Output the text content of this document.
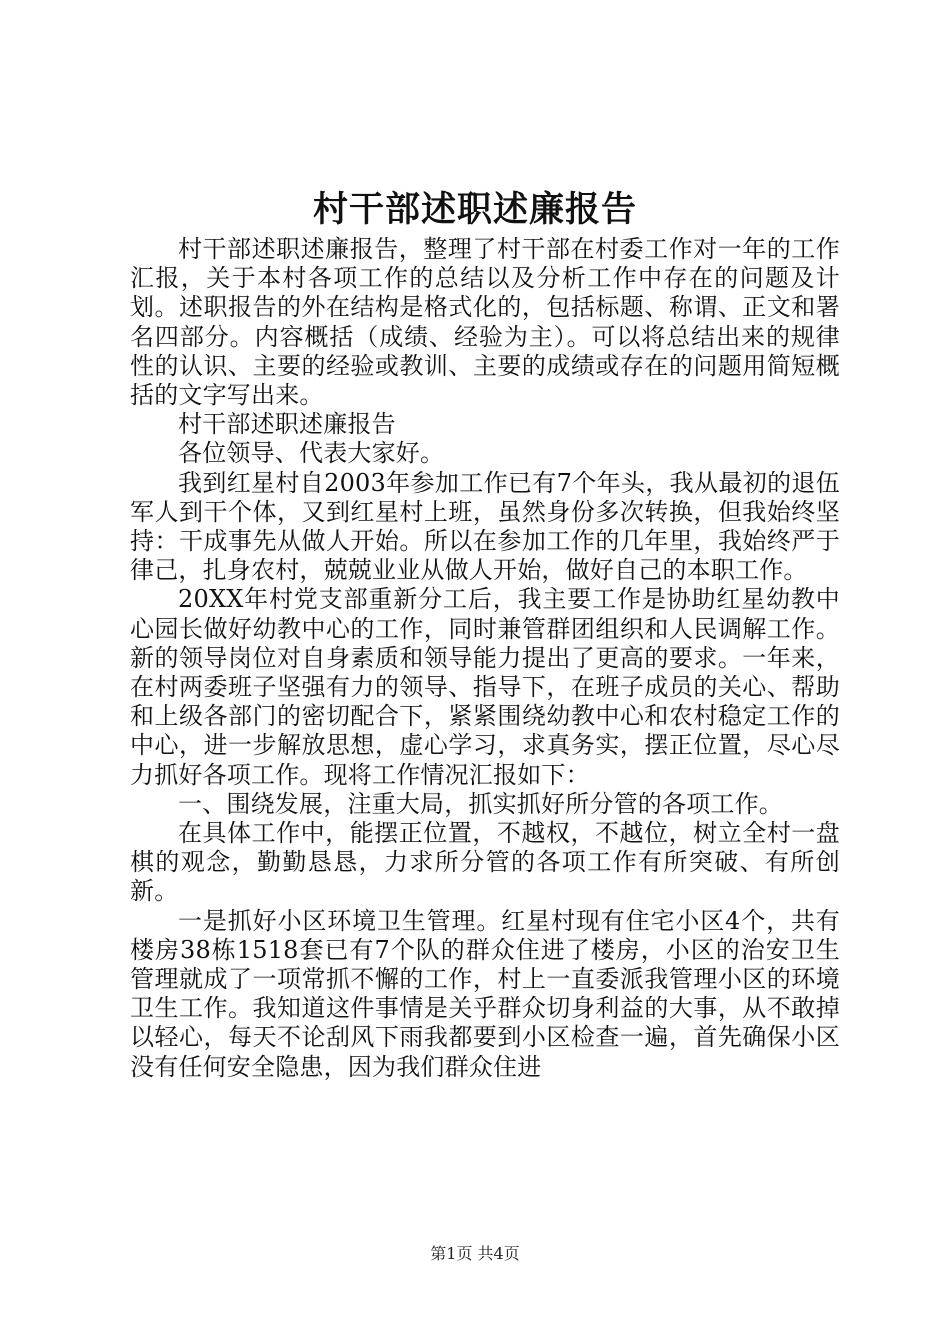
村干部述职述廉报告

村干部述职述廉报告，整理了村干部在村委工作对一年的工作汇报，关于本村各项工作的总结以及分析工作中存在的问题及计划。述职报告的外在结构是格式化的，包括标题、称谓、正文和署名四部分。内容概括（成绩、经验为主）。可以将总结出来的规律性的认识、主要的经验或教训、主要的成绩或存在的问题用简短概括的文字写出来。

村干部述职述廉报告

各位领导、代表大家好。

我到红星村自2003年参加工作已有7个年头，我从最初的退伍军人到干个体，又到红星村上班，虽然身份多次转换，但我始终坚持：干成事先从做人开始。所以在参加工作的几年里，我始终严于律己，扎身农村，兢兢业业从做人开始，做好自己的本职工作。

20XX年村党支部重新分工后，我主要工作是协助红星幼教中心园长做好幼教中心的工作，同时兼管群团组织和人民调解工作。新的领导岗位对自身素质和领导能力提出了更高的要求。一年来，在村两委班子坚强有力的领导、指导下，在班子成员的关心、帮助和上级各部门的密切配合下，紧紧围绕幼教中心和农村稳定工作的中心，进一步解放思想，虚心学习，求真务实，摆正位置，尽心尽力抓好各项工作。现将工作情况汇报如下：

一、围绕发展，注重大局，抓实抓好所分管的各项工作。

在具体工作中，能摆正位置，不越权，不越位，树立全村一盘棋的观念，勤勤恳恳，力求所分管的各项工作有所突破、有所创新。

一是抓好小区环境卫生管理。红星村现有住宅小区4个，共有楼房38栋1518套已有7个队的群众住进了楼房，小区的治安卫生管理就成了一项常抓不懈的工作，村上一直委派我管理小区的环境卫生工作。我知道这件事情是关乎群众切身利益的大事，从不敢掉以轻心，每天不论刮风下雨我都要到小区检查一遍，首先确保小区没有任何安全隐患，因为我们群众住进

第1页 共4页
